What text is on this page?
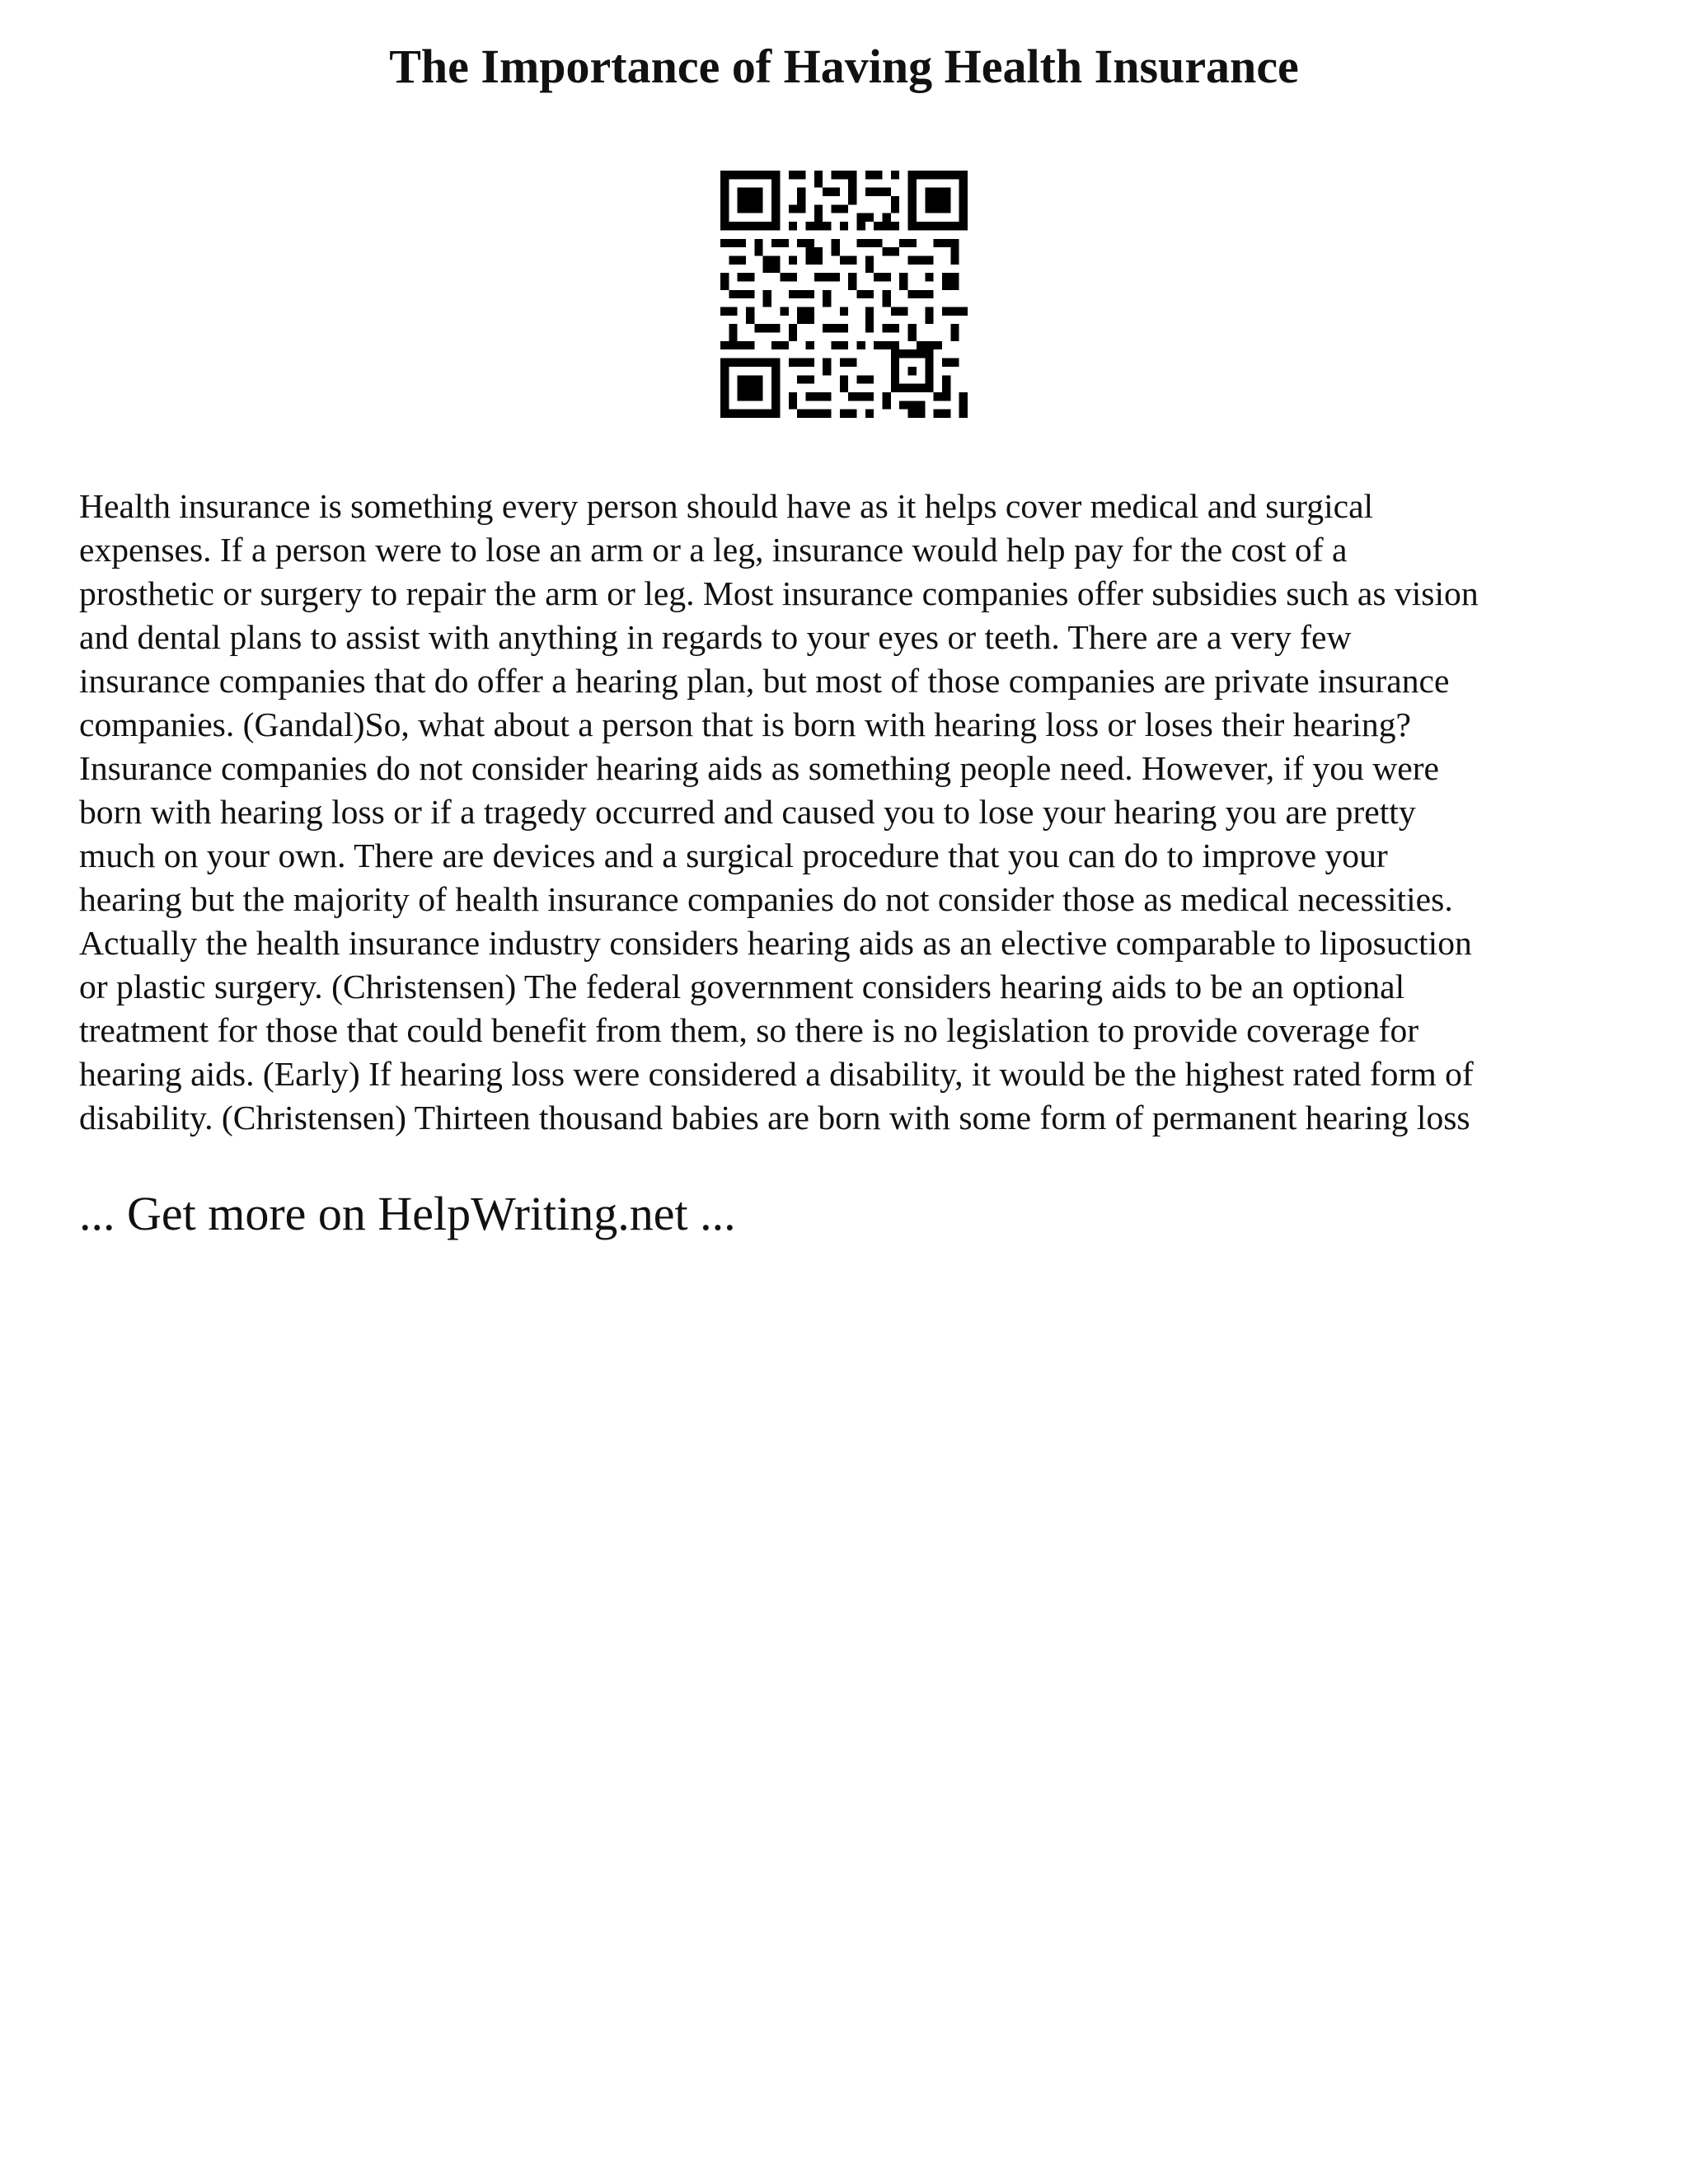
The Importance of Having Health Insurance
Health insurance is something every person should have as it helps cover medical and surgical
expenses. If a person were to lose an arm or a leg, insurance would help pay for the cost of a
prosthetic or surgery to repair the arm or leg. Most insurance companies offer subsidies such as vision
and dental plans to assist with anything in regards to your eyes or teeth. There are a very few
insurance companies that do offer a hearing plan, but most of those companies are private insurance
companies. (Gandal)So, what about a person that is born with hearing loss or loses their hearing?
Insurance companies do not consider hearing aids as something people need. However, if you were
born with hearing loss or if a tragedy occurred and caused you to lose your hearing you are pretty
much on your own. There are devices and a surgical procedure that you can do to improve your
hearing but the majority of health insurance companies do not consider those as medical necessities.
Actually the health insurance industry considers hearing aids as an elective comparable to liposuction
or plastic surgery. (Christensen) The federal government considers hearing aids to be an optional
treatment for those that could benefit from them, so there is no legislation to provide coverage for
hearing aids. (Early) If hearing loss were considered a disability, it would be the highest rated form of
disability. (Christensen) Thirteen thousand babies are born with some form of permanent hearing loss

... Get more on HelpWriting.net ...
